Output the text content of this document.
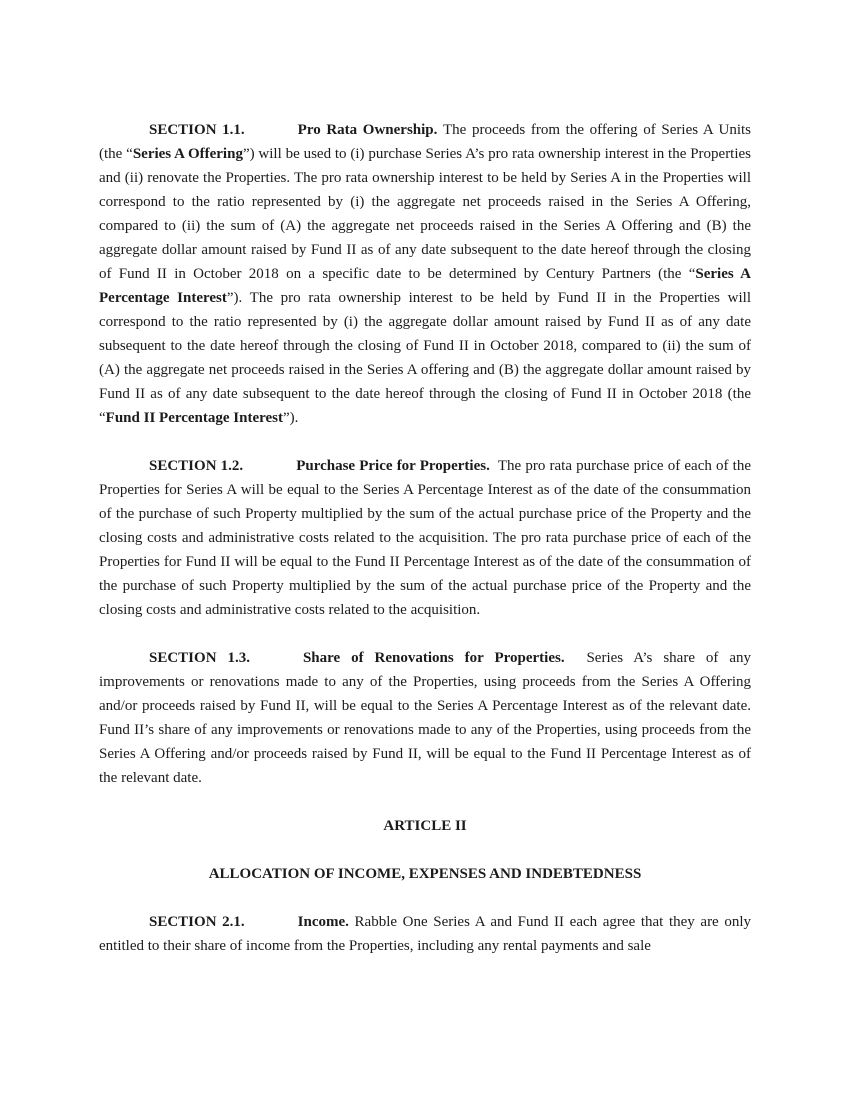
SECTION 1.1.	Pro Rata Ownership. The proceeds from the offering of Series A Units (the “Series A Offering”) will be used to (i) purchase Series A’s pro rata ownership interest in the Properties and (ii) renovate the Properties. The pro rata ownership interest to be held by Series A in the Properties will correspond to the ratio represented by (i) the aggregate net proceeds raised in the Series A Offering, compared to (ii) the sum of (A) the aggregate net proceeds raised in the Series A Offering and (B) the aggregate dollar amount raised by Fund II as of any date subsequent to the date hereof through the closing of Fund II in October 2018 on a specific date to be determined by Century Partners (the “Series A Percentage Interest”). The pro rata ownership interest to be held by Fund II in the Properties will correspond to the ratio represented by (i) the aggregate dollar amount raised by Fund II as of any date subsequent to the date hereof through the closing of Fund II in October 2018, compared to (ii) the sum of (A) the aggregate net proceeds raised in the Series A offering and (B) the aggregate dollar amount raised by Fund II as of any date subsequent to the date hereof through the closing of Fund II in October 2018 (the “Fund II Percentage Interest”).

SECTION 1.2.	Purchase Price for Properties.  The pro rata purchase price of each of the Properties for Series A will be equal to the Series A Percentage Interest as of the date of the consummation of the purchase of such Property multiplied by the sum of the actual purchase price of the Property and the closing costs and administrative costs related to the acquisition. The pro rata purchase price of each of the Properties for Fund II will be equal to the Fund II Percentage Interest as of the date of the consummation of the purchase of such Property multiplied by the sum of the actual purchase price of the Property and the closing costs and administrative costs related to the acquisition.

SECTION 1.3.	Share of Renovations for Properties.  Series A’s share of any improvements or renovations made to any of the Properties, using proceeds from the Series A Offering and/or proceeds raised by Fund II, will be equal to the Series A Percentage Interest as of the relevant date. Fund II’s share of any improvements or renovations made to any of the Properties, using proceeds from the Series A Offering and/or proceeds raised by Fund II, will be equal to the Fund II Percentage Interest as of the relevant date.

ARTICLE II

ALLOCATION OF INCOME, EXPENSES AND INDEBTEDNESS

SECTION 2.1.	Income. Rabble One Series A and Fund II each agree that they are only entitled to their share of income from the Properties, including any rental payments and sale
